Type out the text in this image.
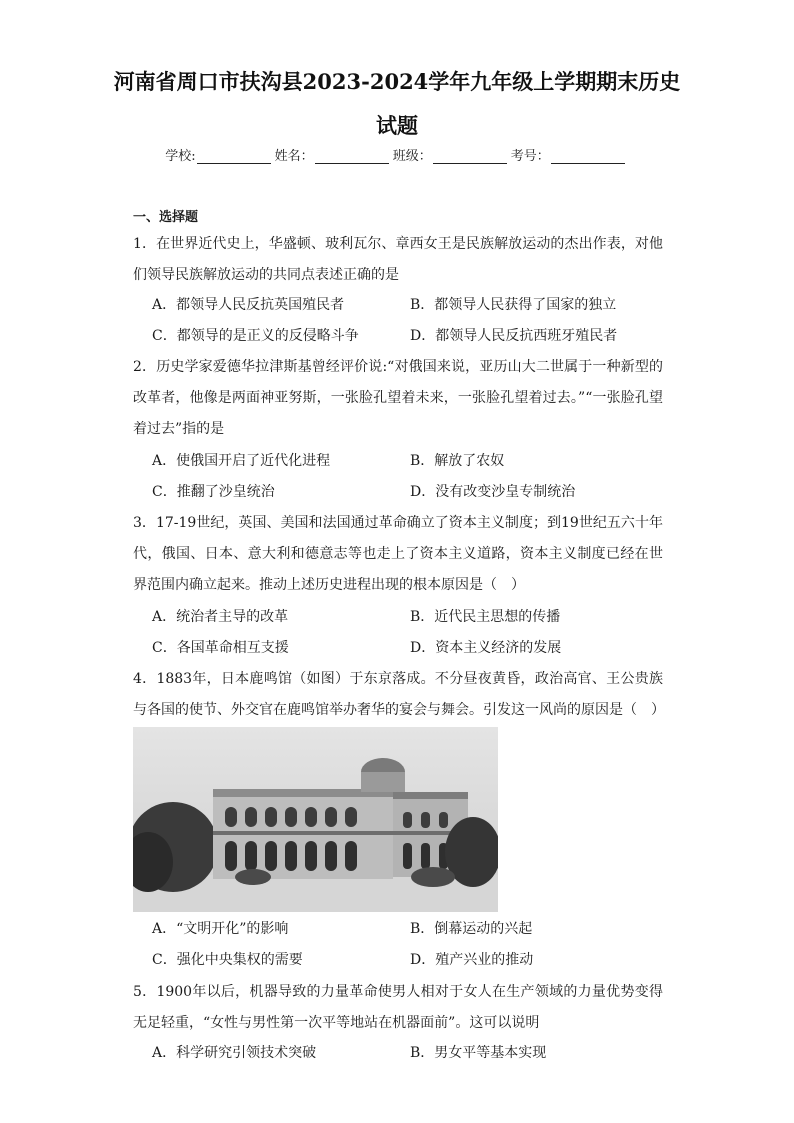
河南省周口市扶沟县2023-2024学年九年级上学期期末历史
试题
学校:	姓名：	班级：	考号：
一、选择题
1．在世界近代史上，华盛顿、玻利瓦尔、章西女王是民族解放运动的杰出作表，对他们领导民族解放运动的共同点表述正确的是
A．都领导人民反抗英国殖民者	B．都领导人民获得了国家的独立
C．都领导的是正义的反侵略斗争	D．都领导人民反抗西班牙殖民者
2．历史学家爱德华拉津斯基曾经评价说:“对俄国来说，亚历山大二世属于一种新型的改革者，他像是两面神亚努斯，一张脸孔望着未来，一张脸孔望着过去。”“一张脸孔望着过去”指的是
A．使俄国开启了近代化进程	B．解放了农奴
C．推翻了沙皇统治	D．没有改变沙皇专制统治
3．17-19世纪，英国、美国和法国通过革命确立了资本主义制度；到19世纪五六十年代，俄国、日本、意大利和德意志等也走上了资本主义道路，资本主义制度已经在世界范围内确立起来。推动上述历史进程出现的根本原因是（　）
A．统治者主导的改革	B．近代民主思想的传播
C．各国革命相互支援	D．资本主义经济的发展
4．1883年，日本鹿鸣馆（如图）于东京落成。不分昼夜黄昏，政治高官、王公贵族与各国的使节、外交官在鹿鸣馆举办奢华的宴会与舞会。引发这一风尚的原因是（　）
A．“文明开化”的影响	B．倒幕运动的兴起
C．强化中央集权的需要	D．殖产兴业的推动
5．1900年以后，机器导致的力量革命使男人相对于女人在生产领域的力量优势变得无足轻重，“女性与男性第一次平等地站在机器面前”。这可以说明
A．科学研究引领技术突破	B．男女平等基本实现
